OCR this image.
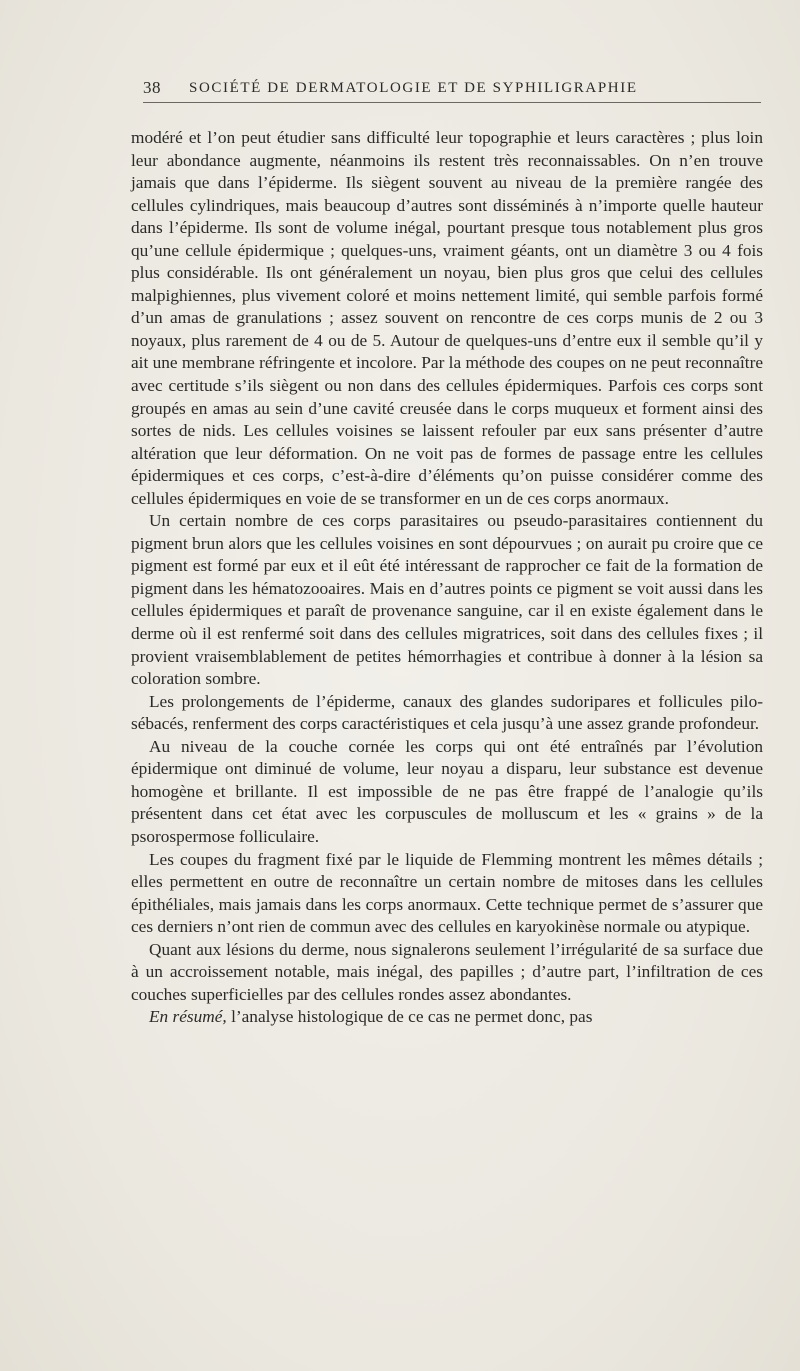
38 SOCIÉTÉ DE DERMATOLOGIE ET DE SYPHILIGRAPHIE

modéré et l’on peut étudier sans difficulté leur topographie et leurs caractères ; plus loin leur abondance augmente, néanmoins ils restent très reconnaissables. On n’en trouve jamais que dans l’épiderme. Ils siègent souvent au niveau de la première rangée des cellules cylindriques, mais beaucoup d’autres sont disséminés à n’importe quelle hauteur dans l’épiderme. Ils sont de volume inégal, pourtant presque tous notablement plus gros qu’une cellule épidermique ; quelques-uns, vraiment géants, ont un diamètre 3 ou 4 fois plus considérable. Ils ont généralement un noyau, bien plus gros que celui des cellules malpighiennes, plus vivement coloré et moins nettement limité, qui semble parfois formé d’un amas de granulations ; assez souvent on rencontre de ces corps munis de 2 ou 3 noyaux, plus rarement de 4 ou de 5. Autour de quelques-uns d’entre eux il semble qu’il y ait une membrane réfringente et incolore. Par la méthode des coupes on ne peut reconnaître avec certitude s’ils siègent ou non dans des cellules épidermiques. Parfois ces corps sont groupés en amas au sein d’une cavité creusée dans le corps muqueux et forment ainsi des sortes de nids. Les cellules voisines se laissent refouler par eux sans présenter d’autre altération que leur déformation. On ne voit pas de formes de passage entre les cellules épidermiques et ces corps, c’est-à-dire d’éléments qu’on puisse considérer comme des cellules épidermiques en voie de se transformer en un de ces corps anormaux.

Un certain nombre de ces corps parasitaires ou pseudo-parasitaires contiennent du pigment brun alors que les cellules voisines en sont dépourvues ; on aurait pu croire que ce pigment est formé par eux et il eût été intéressant de rapprocher ce fait de la formation de pigment dans les hématozooaires. Mais en d’autres points ce pigment se voit aussi dans les cellules épidermiques et paraît de provenance sanguine, car il en existe également dans le derme où il est renfermé soit dans des cellules migratrices, soit dans des cellules fixes ; il provient vraisemblablement de petites hémorrhagies et contribue à donner à la lésion sa coloration sombre.

Les prolongements de l’épiderme, canaux des glandes sudoripares et follicules pilo-sébacés, renferment des corps caractéristiques et cela jusqu’à une assez grande profondeur.

Au niveau de la couche cornée les corps qui ont été entraînés par l’évolution épidermique ont diminué de volume, leur noyau a disparu, leur substance est devenue homogène et brillante. Il est impossible de ne pas être frappé de l’analogie qu’ils présentent dans cet état avec les corpuscules de molluscum et les « grains » de la psorospermose folliculaire.

Les coupes du fragment fixé par le liquide de Flemming montrent les mêmes détails ; elles permettent en outre de reconnaître un certain nombre de mitoses dans les cellules épithéliales, mais jamais dans les corps anormaux. Cette technique permet de s’assurer que ces derniers n’ont rien de commun avec des cellules en karyokinèse normale ou atypique.

Quant aux lésions du derme, nous signalerons seulement l’irrégularité de sa surface due à un accroissement notable, mais inégal, des papilles ; d’autre part, l’infiltration de ces couches superficielles par des cellules rondes assez abondantes.

En résumé, l’analyse histologique de ce cas ne permet donc, pas
